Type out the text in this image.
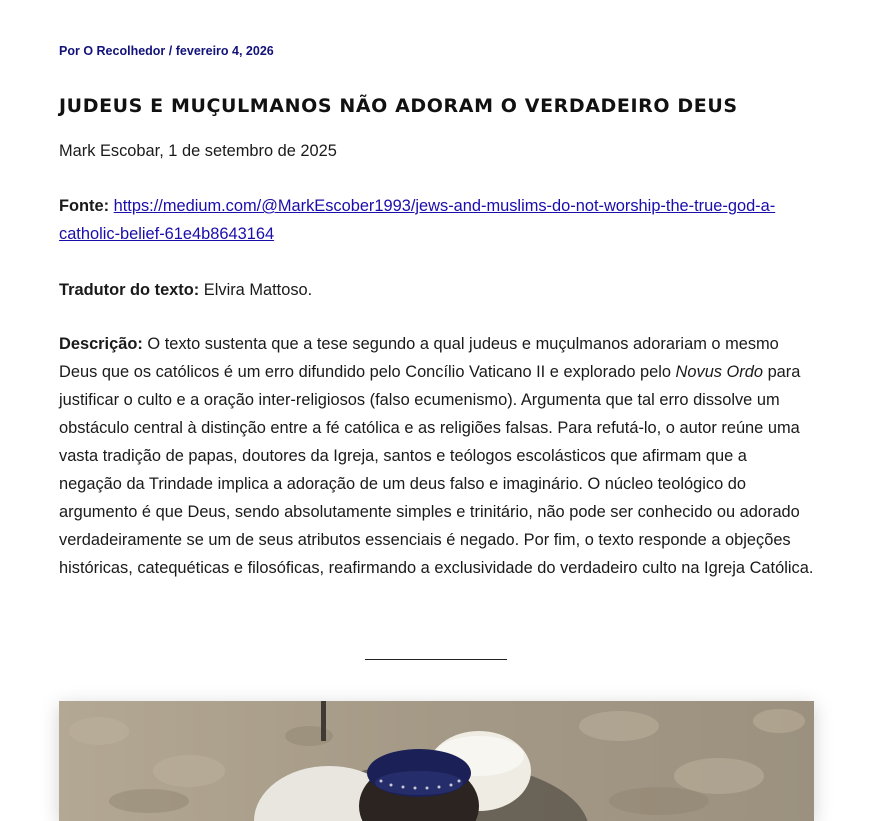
Por O Recolhedor / fevereiro 4, 2026
JUDEUS E MUÇULMANOS NÃO ADORAM O VERDADEIRO DEUS

Mark Escobar, 1 de setembro de 2025

Fonte: https://medium.com/@MarkEscober1993/jews-and-muslims-do-not-worship-the-true-god-a-
catholic-belief-61e4b8643164

Tradutor do texto: Elvira Mattoso.

Descrição: O texto sustenta que a tese segundo a qual judeus e muçulmanos adorariam o mesmo Deus que os católicos é um erro difundido pelo Concílio Vaticano II e explorado pelo Novus Ordo para justificar o culto e a oração inter-religiosos (falso ecumenismo). Argumenta que tal erro dissolve um obstáculo central à distinção entre a fé católica e as religiões falsas. Para refutá-lo, o autor reúne uma vasta tradição de papas, doutores da Igreja, santos e teólogos escolásticos que afirmam que a negação da Trindade implica a adoração de um deus falso e imaginário. O núcleo teológico do argumento é que Deus, sendo absolutamente simples e trinitário, não pode ser conhecido ou adorado verdadeiramente se um de seus atributos essenciais é negado. Por fim, o texto responde a objeções históricas, catequéticas e filosóficas, reafirmando a exclusividade do verdadeiro culto na Igreja Católica.
